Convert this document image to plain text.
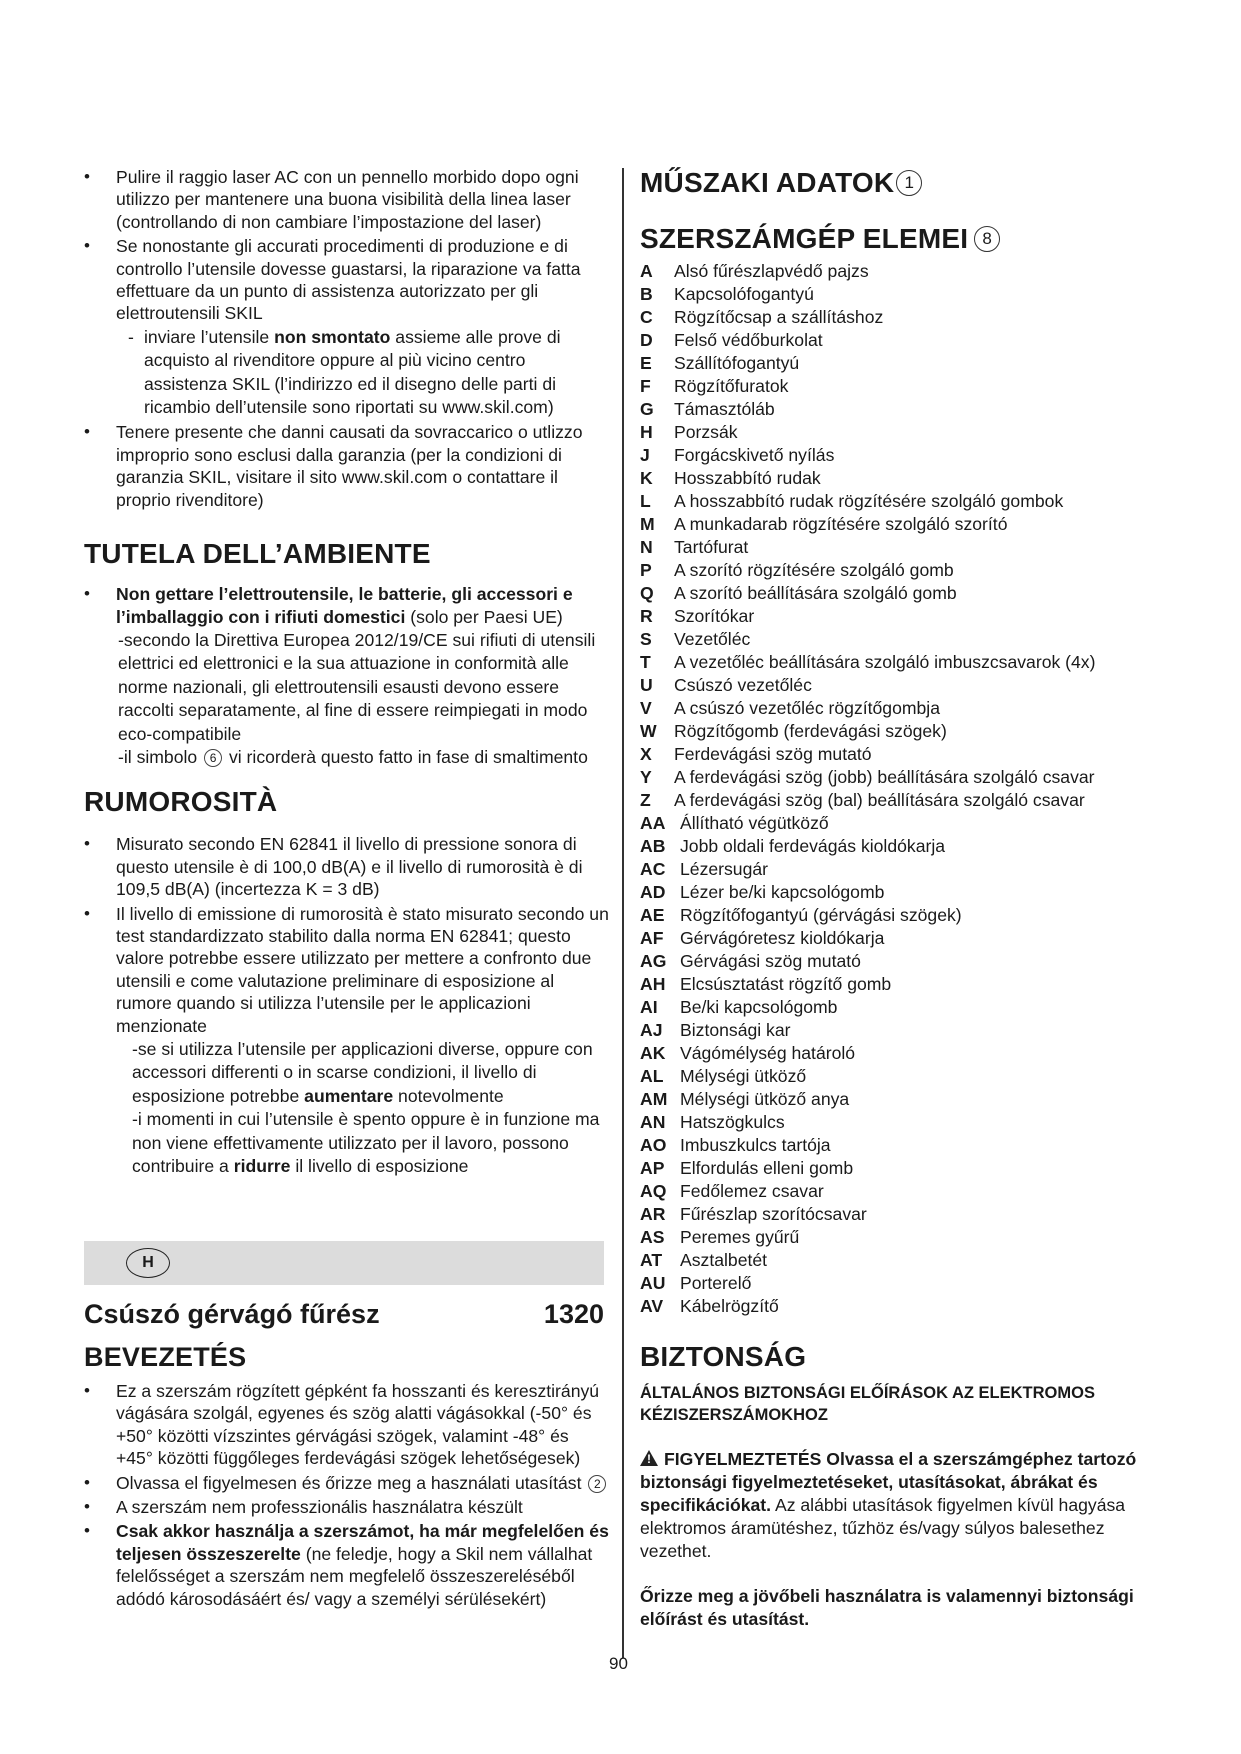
• Pulire il raggio laser AC con un pennello morbido dopo ogni utilizzo per mantenere una buona visibilità della linea laser (controllando di non cambiare l’impostazione del laser)
• Se nonostante gli accurati procedimenti di produzione e di controllo l’utensile dovesse guastarsi, la riparazione va fatta effettuare da un punto di assistenza autorizzato per gli elettroutensili SKIL
- inviare l’utensile non smontato assieme alle prove di acquisto al rivenditore oppure al più vicino centro assistenza SKIL (l’indirizzo ed il disegno delle parti di ricambio dell’utensile sono riportati su www.skil.com)
• Tenere presente che danni causati da sovraccarico o utlizzo improprio sono esclusi dalla garanzia (per la condizioni di garanzia SKIL, visitare il sito www.skil.com o contattare il proprio rivenditore)
TUTELA DELL’AMBIENTE
• Non gettare l’elettroutensile, le batterie, gli accessori e l’imballaggio con i rifiuti domestici (solo per Paesi UE)
-secondo la Direttiva Europea 2012/19/CE sui rifiuti di utensili elettrici ed elettronici e la sua attuazione in conformità alle norme nazionali, gli elettroutensili esausti devono essere raccolti separatamente, al fine di essere reimpiegati in modo eco-compatibile
-il simbolo 6 vi ricorderà questo fatto in fase di smaltimento
RUMOROSITÀ
• Misurato secondo EN 62841 il livello di pressione sonora di questo utensile è di 100,0 dB(A) e il livello di rumorosità è di 109,5 dB(A) (incertezza K = 3 dB)
• Il livello di emissione di rumorosità è stato misurato secondo un test standardizzato stabilito dalla norma EN 62841; questo valore potrebbe essere utilizzato per mettere a confronto due utensili e come valutazione preliminare di esposizione al rumore quando si utilizza l’utensile per le applicazioni menzionate
-se si utilizza l’utensile per applicazioni diverse, oppure con accessori differenti o in scarse condizioni, il livello di esposizione potrebbe aumentare notevolmente
-i momenti in cui l’utensile è spento oppure è in funzione ma non viene effettivamente utilizzato per il lavoro, possono contribuire a ridurre il livello di esposizione
H
Csúszó gérvágó fűrész	1320
BEVEZETÉS
• Ez a szerszám rögzített gépként fa hosszanti és keresztirányú vágására szolgál, egyenes és szög alatti vágásokkal (-50° és +50° közötti vízszintes gérvágási szögek, valamint -48° és +45° közötti függőleges ferdevágási szögek lehetőségesek)
• Olvassa el figyelmesen és őrizze meg a használati utasítást 2
• A szerszám nem professzionális használatra készült
• Csak akkor használja a szerszámot, ha már megfelelően és teljesen összeszerelte (ne feledje, hogy a Skil nem vállalhat felelősséget a szerszám nem megfelelő összeszereléséből adódó károsodásáért és/ vagy a személyi sérülésekért)
MŰSZAKI ADATOK 1
SZERSZÁMGÉP ELEMEI 8
A	Alsó fűrészlapvédő pajzs
B	Kapcsolófogantyú
C	Rögzítőcsap a szállításhoz
D	Felső védőburkolat
E	Szállítófogantyú
F	Rögzítőfuratok
G	Támasztóláb
H	Porzsák
J	Forgácskivető nyílás
K	Hosszabbító rudak
L	A hosszabbító rudak rögzítésére szolgáló gombok
M	A munkadarab rögzítésére szolgáló szorító
N	Tartófurat
P	A szorító rögzítésére szolgáló gomb
Q	A szorító beállítására szolgáló gomb
R	Szorítókar
S	Vezetőléc
T	A vezetőléc beállítására szolgáló imbuszcsavarok (4x)
U	Csúszó vezetőléc
V	A csúszó vezetőléc rögzítőgombja
W Rögzítőgomb (ferdevágási szögek)
X	Ferdevágási szög mutató
Y	A ferdevágási szög (jobb) beállítására szolgáló csavar
Z	A ferdevágási szög (bal) beállítására szolgáló csavar
AA Állítható végütköző
AB Jobb oldali ferdevágás kioldókarja
AC Lézersugár
AD Lézer be/ki kapcsológomb
AE Rögzítőfogantyú (gérvágási szögek)
AF Gérvágóretesz kioldókarja
AG Gérvágási szög mutató
AH Elcsúsztatást rögzítő gomb
AI	Be/ki kapcsológomb
AJ Biztonsági kar
AK Vágómélység határoló
AL Mélységi ütköző
AM Mélységi ütköző anya
AN Hatszögkulcs
AO Imbuszkulcs tartója
AP Elfordulás elleni gomb
AQ Fedőlemez csavar
AR Fűrészlap szorítócsavar
AS Peremes gyűrű
AT	Asztalbetét
AU Porterelő
AV Kábelrögzítő
BIZTONSÁG

ÁLTALÁNOS BIZTONSÁGI ELŐÍRÁSOK AZ ELEKTROMOS KÉZISZERSZÁMOKHOZ

!FIGYELMEZTETÉS Olvassa el a szerszámgéphez tartozó biztonsági figyelmeztetéseket, utasításokat, ábrákat és specifikációkat. Az alábbi utasítások figyelmen kívül hagyása elektromos áramütéshez, tűzhöz és/vagy súlyos balesethez vezethet.

Őrizze meg a jövőbeli használatra is valamennyi biztonsági előírást és utasítást.

90
